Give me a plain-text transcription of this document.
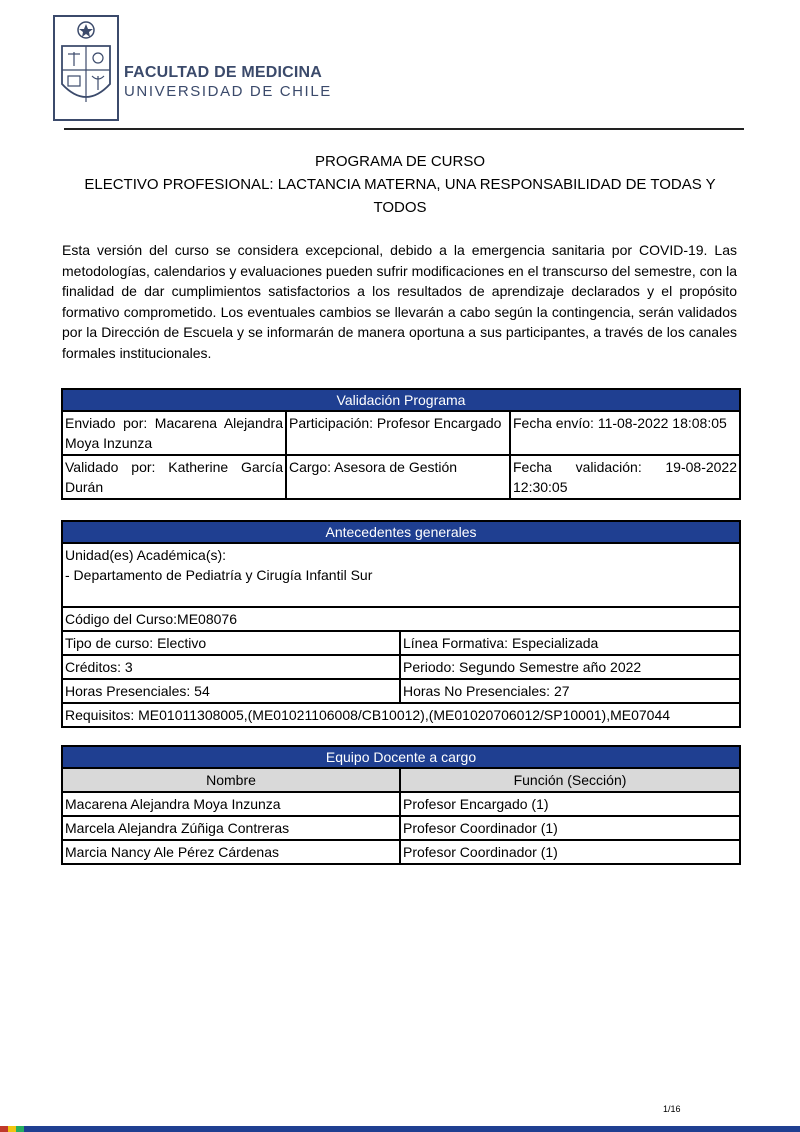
FACULTAD DE MEDICINA
UNIVERSIDAD DE CHILE
PROGRAMA DE CURSO
ELECTIVO PROFESIONAL: LACTANCIA MATERNA, UNA RESPONSABILIDAD DE TODAS Y
TODOS
Esta versión del curso se considera excepcional, debido a la emergencia sanitaria por COVID-19. Las metodologías, calendarios y evaluaciones pueden sufrir modificaciones en el transcurso del semestre, con la finalidad de dar cumplimientos satisfactorios a los resultados de aprendizaje declarados y el propósito formativo comprometido. Los eventuales cambios se llevarán a cabo según la contingencia, serán validados por la Dirección de Escuela y se informarán de manera oportuna a sus participantes, a través de los canales formales institucionales.
Validación Programa		
Enviado por: Macarena Alejandra Moya Inzunza	Participación: Profesor Encargado	Fecha envío: 11-08-2022 18:08:05
Validado por: Katherine García Durán	Cargo: Asesora de Gestión	Fecha validación: 19-08-2022 12:30:05
Antecedentes generales	

Unidad(es) Académica(s):
- Departamento de Pediatría y Cirugía Infantil Sur	

Código del Curso:ME08076	
Tipo de curso: Electivo	Línea Formativa: Especializada
Créditos: 3	Periodo: Segundo Semestre año 2022
Horas Presenciales: 54	Horas No Presenciales: 27
Requisitos: ME01011308005,(ME01021106008/CB10012),(ME01020706012/SP10001),ME07044	
Equipo Docente a cargo	
Nombre	Función (Sección)
Macarena Alejandra Moya Inzunza	Profesor Encargado (1)
Marcela Alejandra Zúñiga Contreras	Profesor Coordinador (1)
Marcia Nancy Ale Pérez Cárdenas	Profesor Coordinador (1)
1/16
